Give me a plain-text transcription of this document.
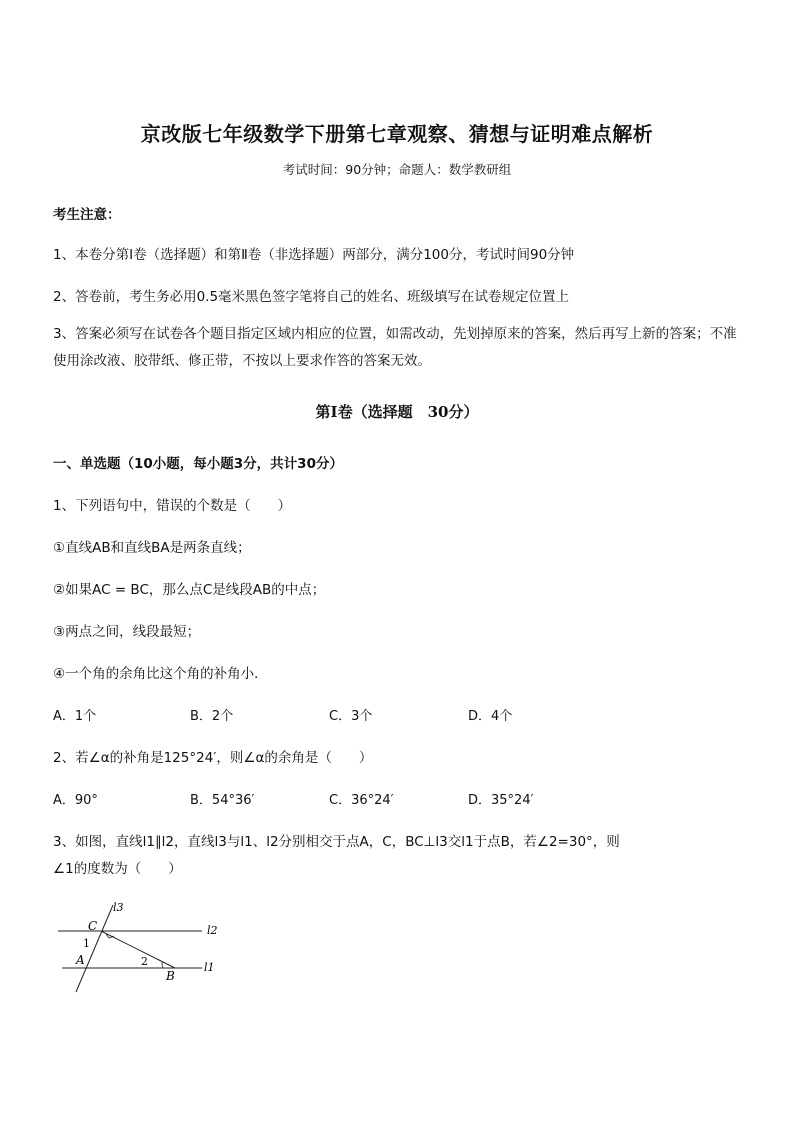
京改版七年级数学下册第七章观察、猜想与证明难点解析
考试时间：90分钟；命题人：数学教研组
考生注意：
1、本卷分第Ⅰ卷（选择题）和第Ⅱ卷（非选择题）两部分，满分100分，考试时间90分钟
2、答卷前，考生务必用0.5毫米黑色签字笔将自己的姓名、班级填写在试卷规定位置上
3、答案必须写在试卷各个题目指定区域内相应的位置，如需改动，先划掉原来的答案，然后再写上新的答案；不准使用涂改液、胶带纸、修正带，不按以上要求作答的答案无效。
第Ⅰ卷（选择题　30分）
一、单选题（10小题，每小题3分，共计30分）
1、下列语句中，错误的个数是（　　）
①直线AB和直线BA是两条直线；
②如果AC = BC，那么点C是线段AB的中点；
③两点之间，线段最短；
④一个角的余角比这个角的补角小．
A．1个	B．2个	C．3个	D．4个
2、若∠α的补角是125°24′，则∠α的余角是（　　）
A．90°	B．54°36′	C．36°24′	D．35°24′
3、如图，直线l1∥l2，直线l3与l1、l2分别相交于点A，C，BC⊥l3交l1于点B，若∠2=30°，则
∠1的度数为（　　）
l3
l2
l1
C
A
B
1
2
